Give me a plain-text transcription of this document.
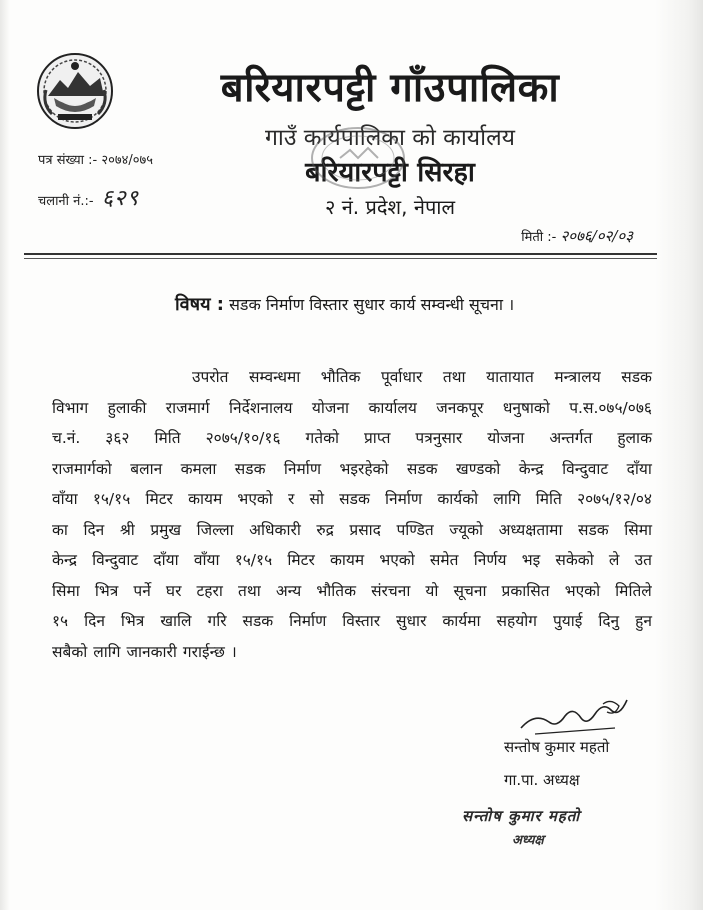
बरियारपट्टी गाँउपालिका
गाउँ कार्यपालिका को कार्यालय
बरियारपट्टी सिरहा
२ नं. प्रदेश, नेपाल
पत्र संख्या :- २०७४/०७५
चलानी नं.:- ६२९
मिती :- २०७६/०२/०३
विषय : सडक निर्माण विस्तार सुधार कार्य सम्वन्धी सूचना ।
उपरोत सम्वन्धमा भौतिक पूर्वाधार तथा यातायात मन्त्रालय सडक
विभाग हुलाकी राजमार्ग निर्देशनालय योजना कार्यालय जनकपूर धनुषाको प.स.०७५/०७६
च.नं. ३६२ मिति २०७५/१०/१६ गतेको प्राप्त पत्रनुसार योजना अन्तर्गत हुलाक
राजमार्गको बलान कमला सडक निर्माण भइरहेको सडक खण्डको केन्द्र विन्दुवाट दाँया
वाँया १५/१५ मिटर कायम भएको र सो सडक निर्माण कार्यको लागि मिति २०७५/१२/०४
का दिन श्री प्रमुख जिल्ला अधिकारी रुद्र प्रसाद पण्डित ज्यूको अध्यक्षतामा सडक सिमा
केन्द्र विन्दुवाट दाँया वाँया १५/१५ मिटर कायम भएको समेत निर्णय भइ सकेको ले उत
सिमा भित्र पर्ने घर टहरा तथा अन्य भौतिक संरचना यो सूचना प्रकासित भएको मितिले
१५ दिन भित्र खालि गरि सडक निर्माण विस्तार सुधार कार्यमा सहयोग पुयाई दिनु हुन
सबैको लागि जानकारी गराईन्छ ।
सन्तोष कुमार महतो
गा.पा. अध्यक्ष
सन्तोष कुमार महतो
अध्यक्ष
